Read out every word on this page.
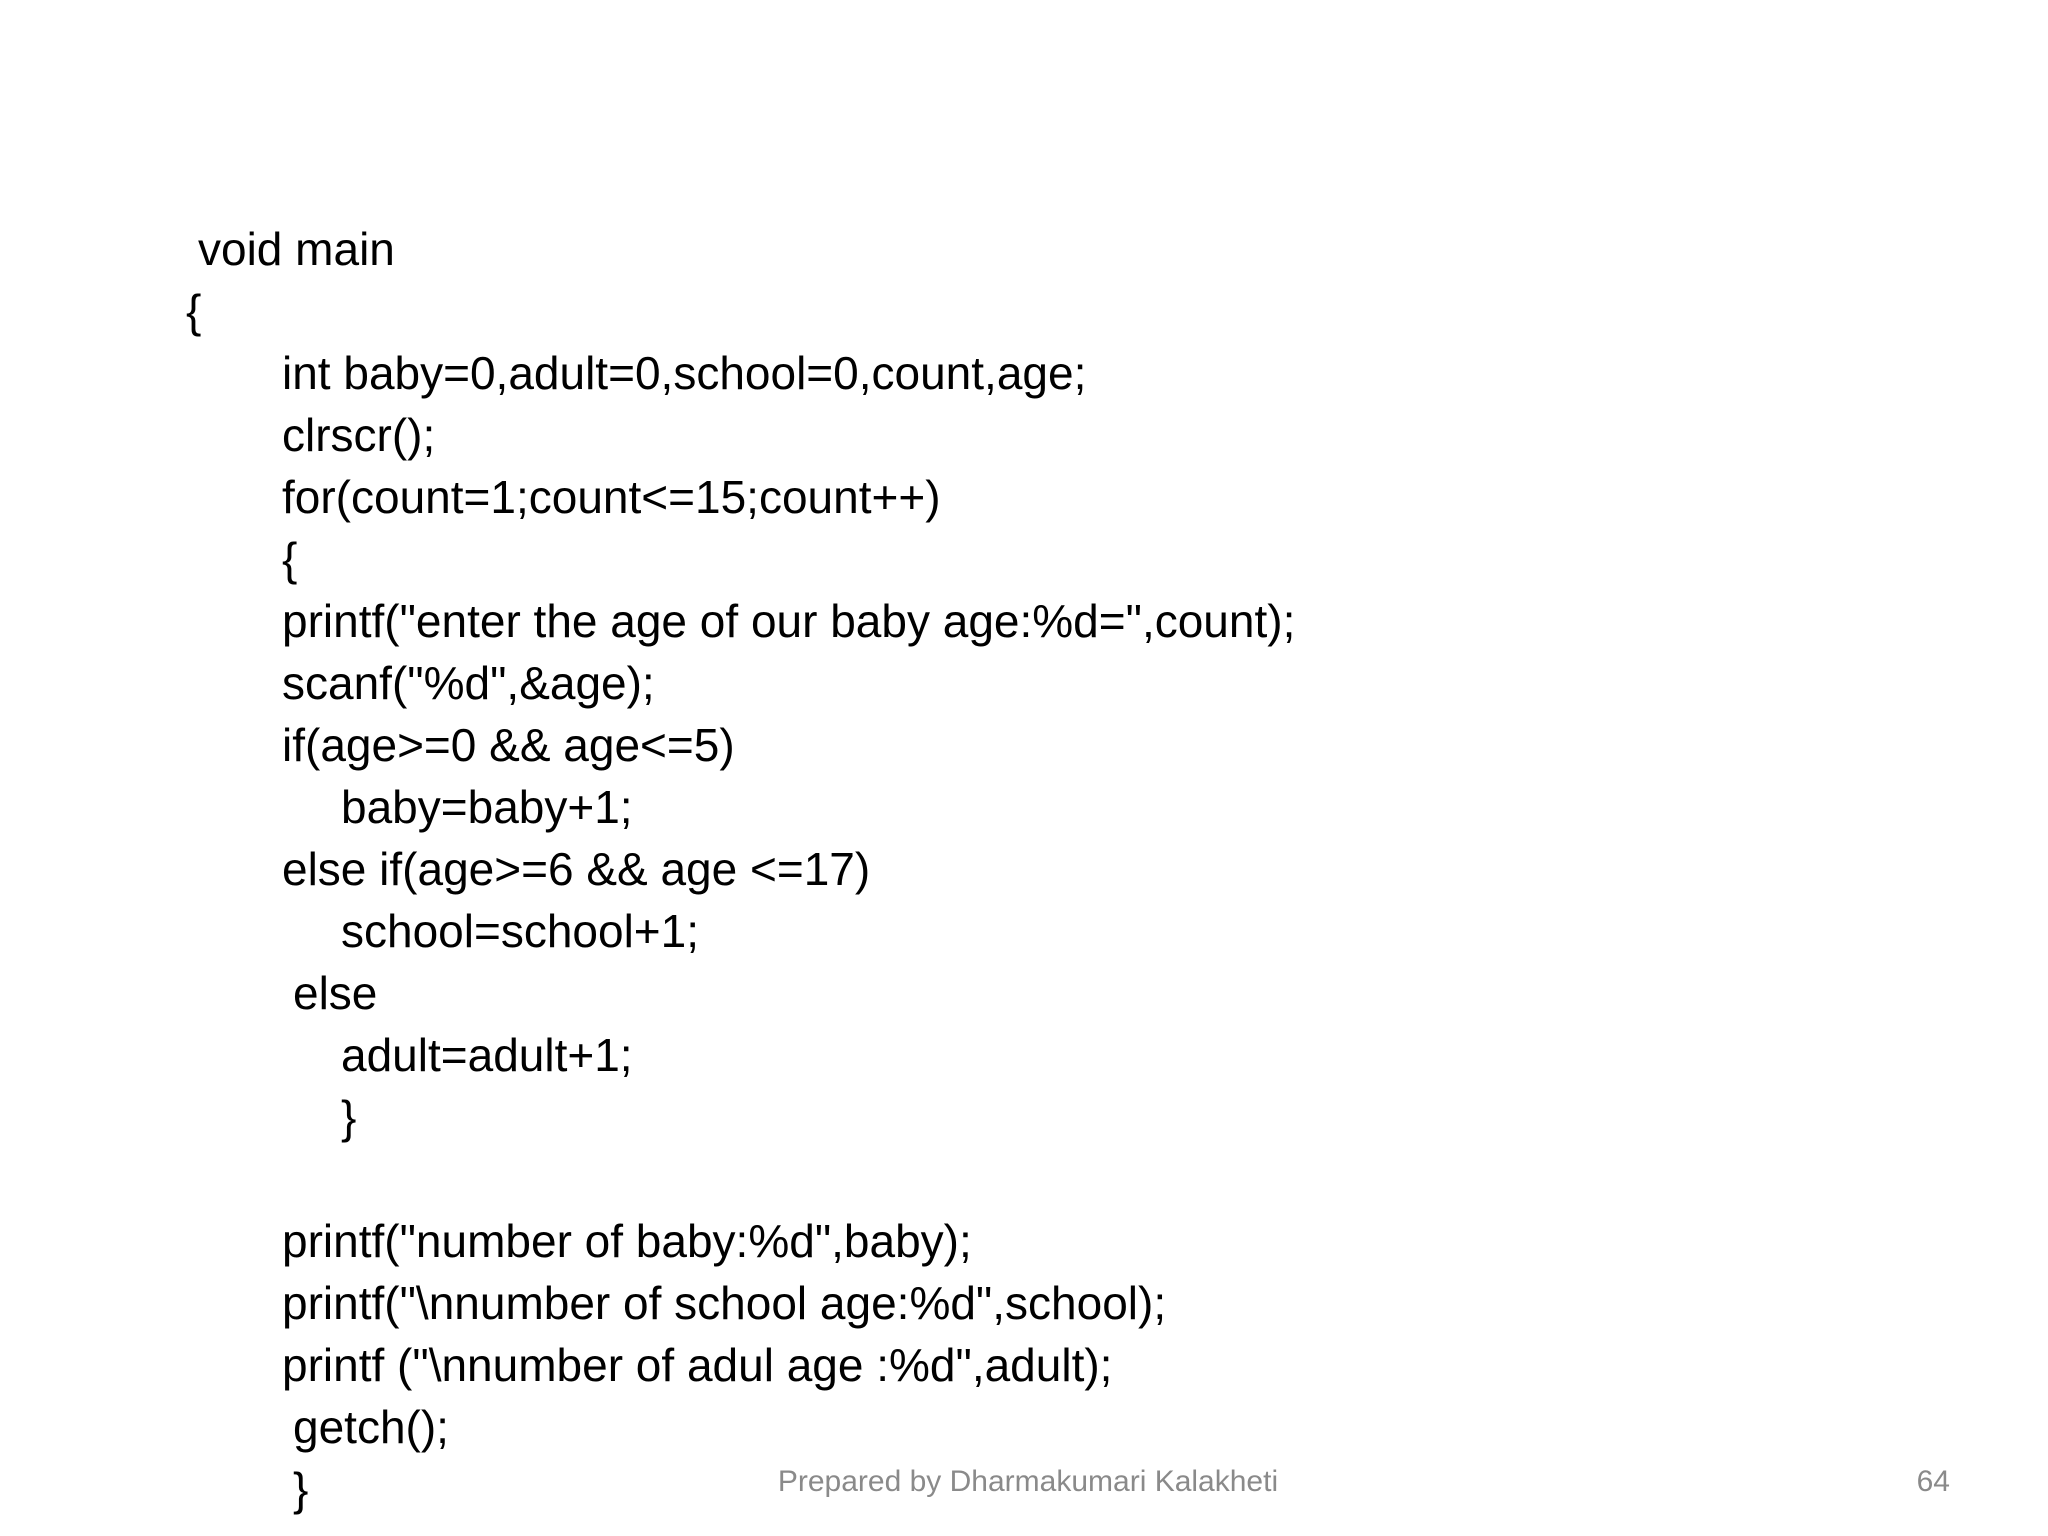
void main
{
int baby=0,adult=0,school=0,count,age;
clrscr();
for(count=1;count<=15;count++)
{
printf("enter the age of our baby age:%d=",count);
scanf("%d",&age);
if(age>=0 && age<=5)
baby=baby+1;
else if(age>=6 && age <=17)
school=school+1;
else
adult=adult+1;
}
printf("number of baby:%d",baby);
printf("\nnumber of school age:%d",school);
printf ("\nnumber of adul age :%d",adult);
getch();
}	Prepared by Dharmakumari Kalakheti	64
